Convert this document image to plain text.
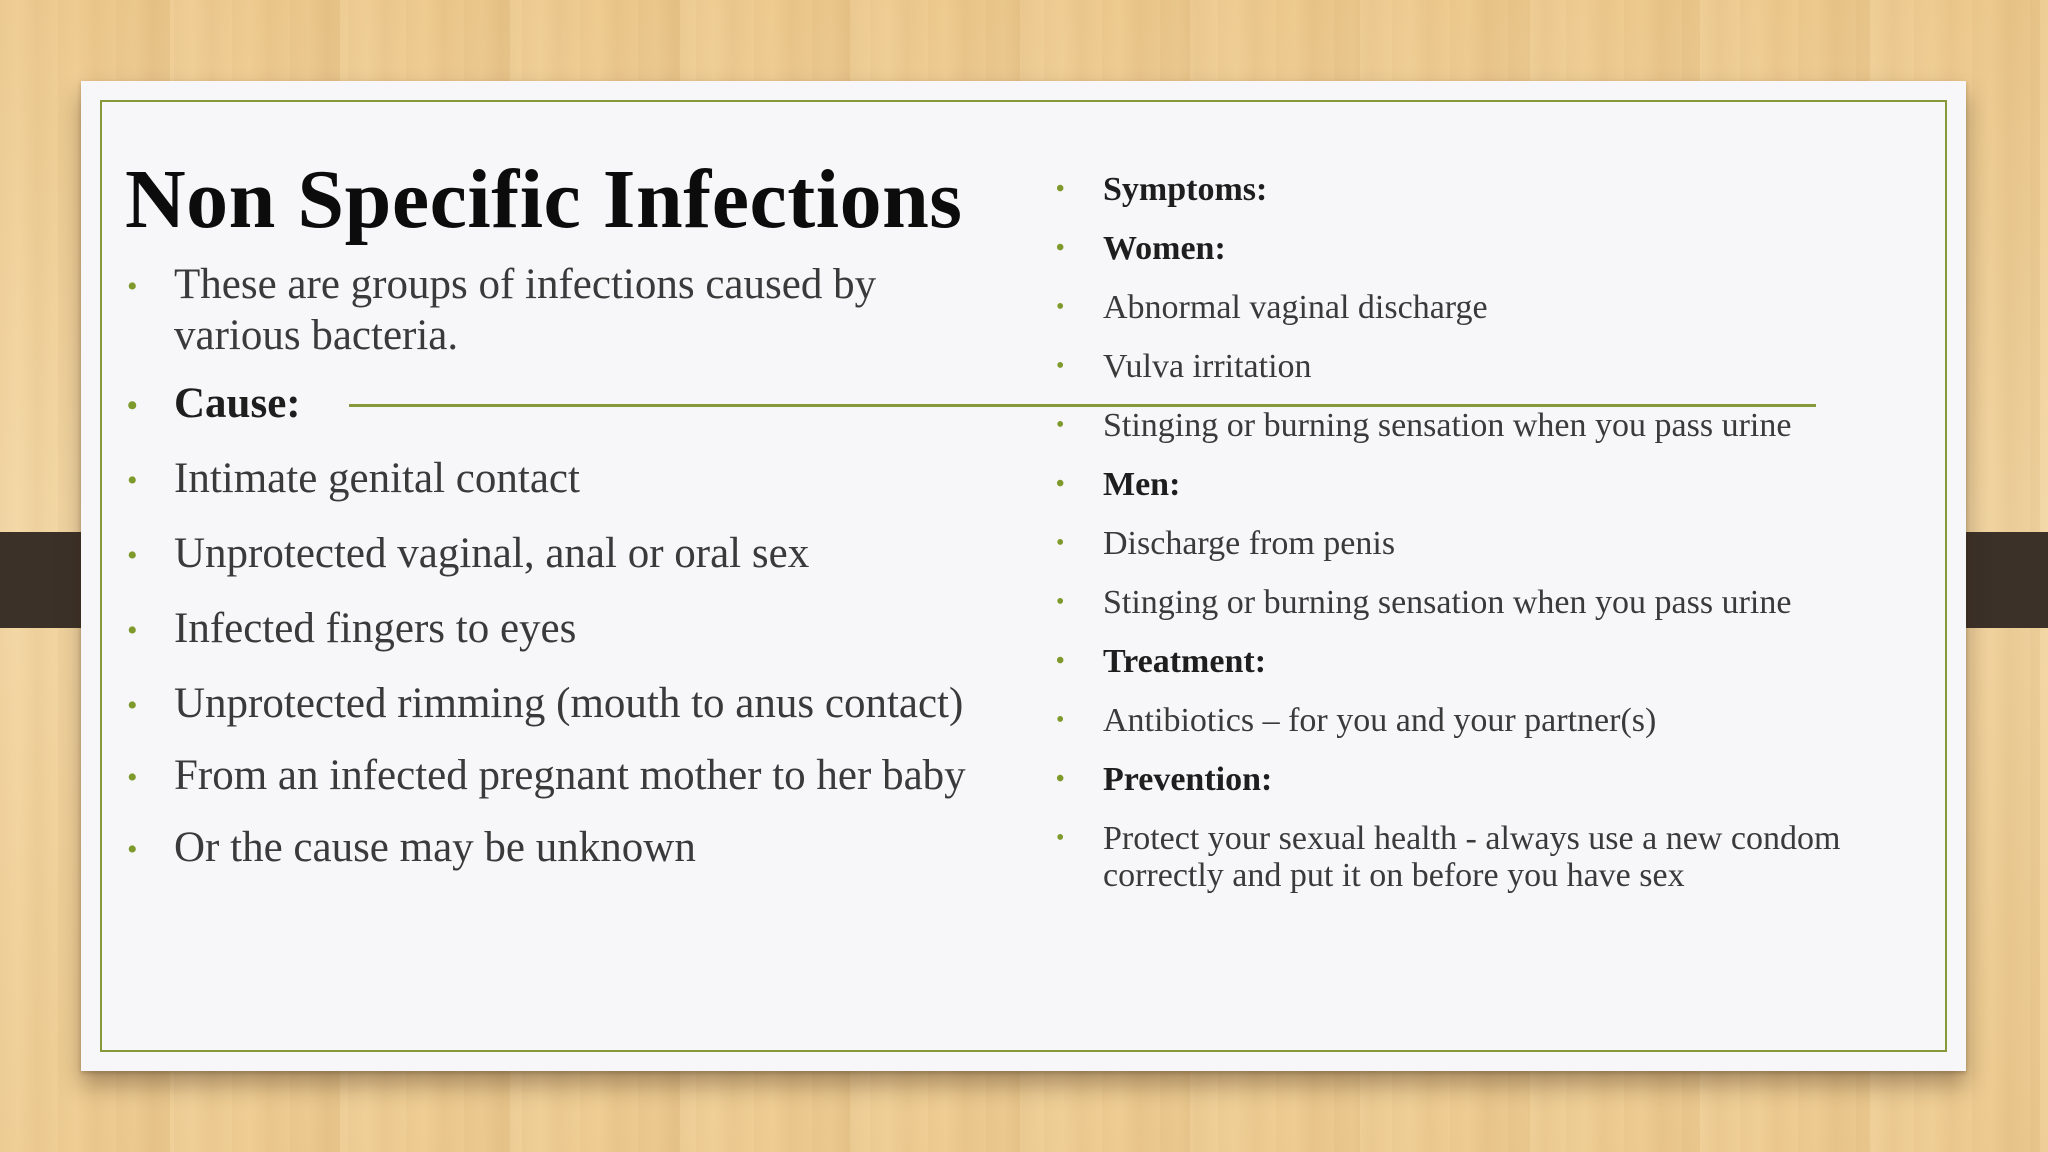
Non Specific Infections
• These are groups of infections caused by various bacteria.
• Cause:
• Intimate genital contact
• Unprotected vaginal, anal or oral sex
• Infected fingers to eyes
• Unprotected rimming (mouth to anus contact)
• From an infected pregnant mother to her baby
• Or the cause may be unknown
• Symptoms:
• Women:
• Abnormal vaginal discharge
• Vulva irritation
• Stinging or burning sensation when you pass urine
• Men:
• Discharge from penis
• Stinging or burning sensation when you pass urine
• Treatment:
• Antibiotics – for you and your partner(s)
• Prevention:
• Protect your sexual health - always use a new condom correctly and put it on before you have sex
